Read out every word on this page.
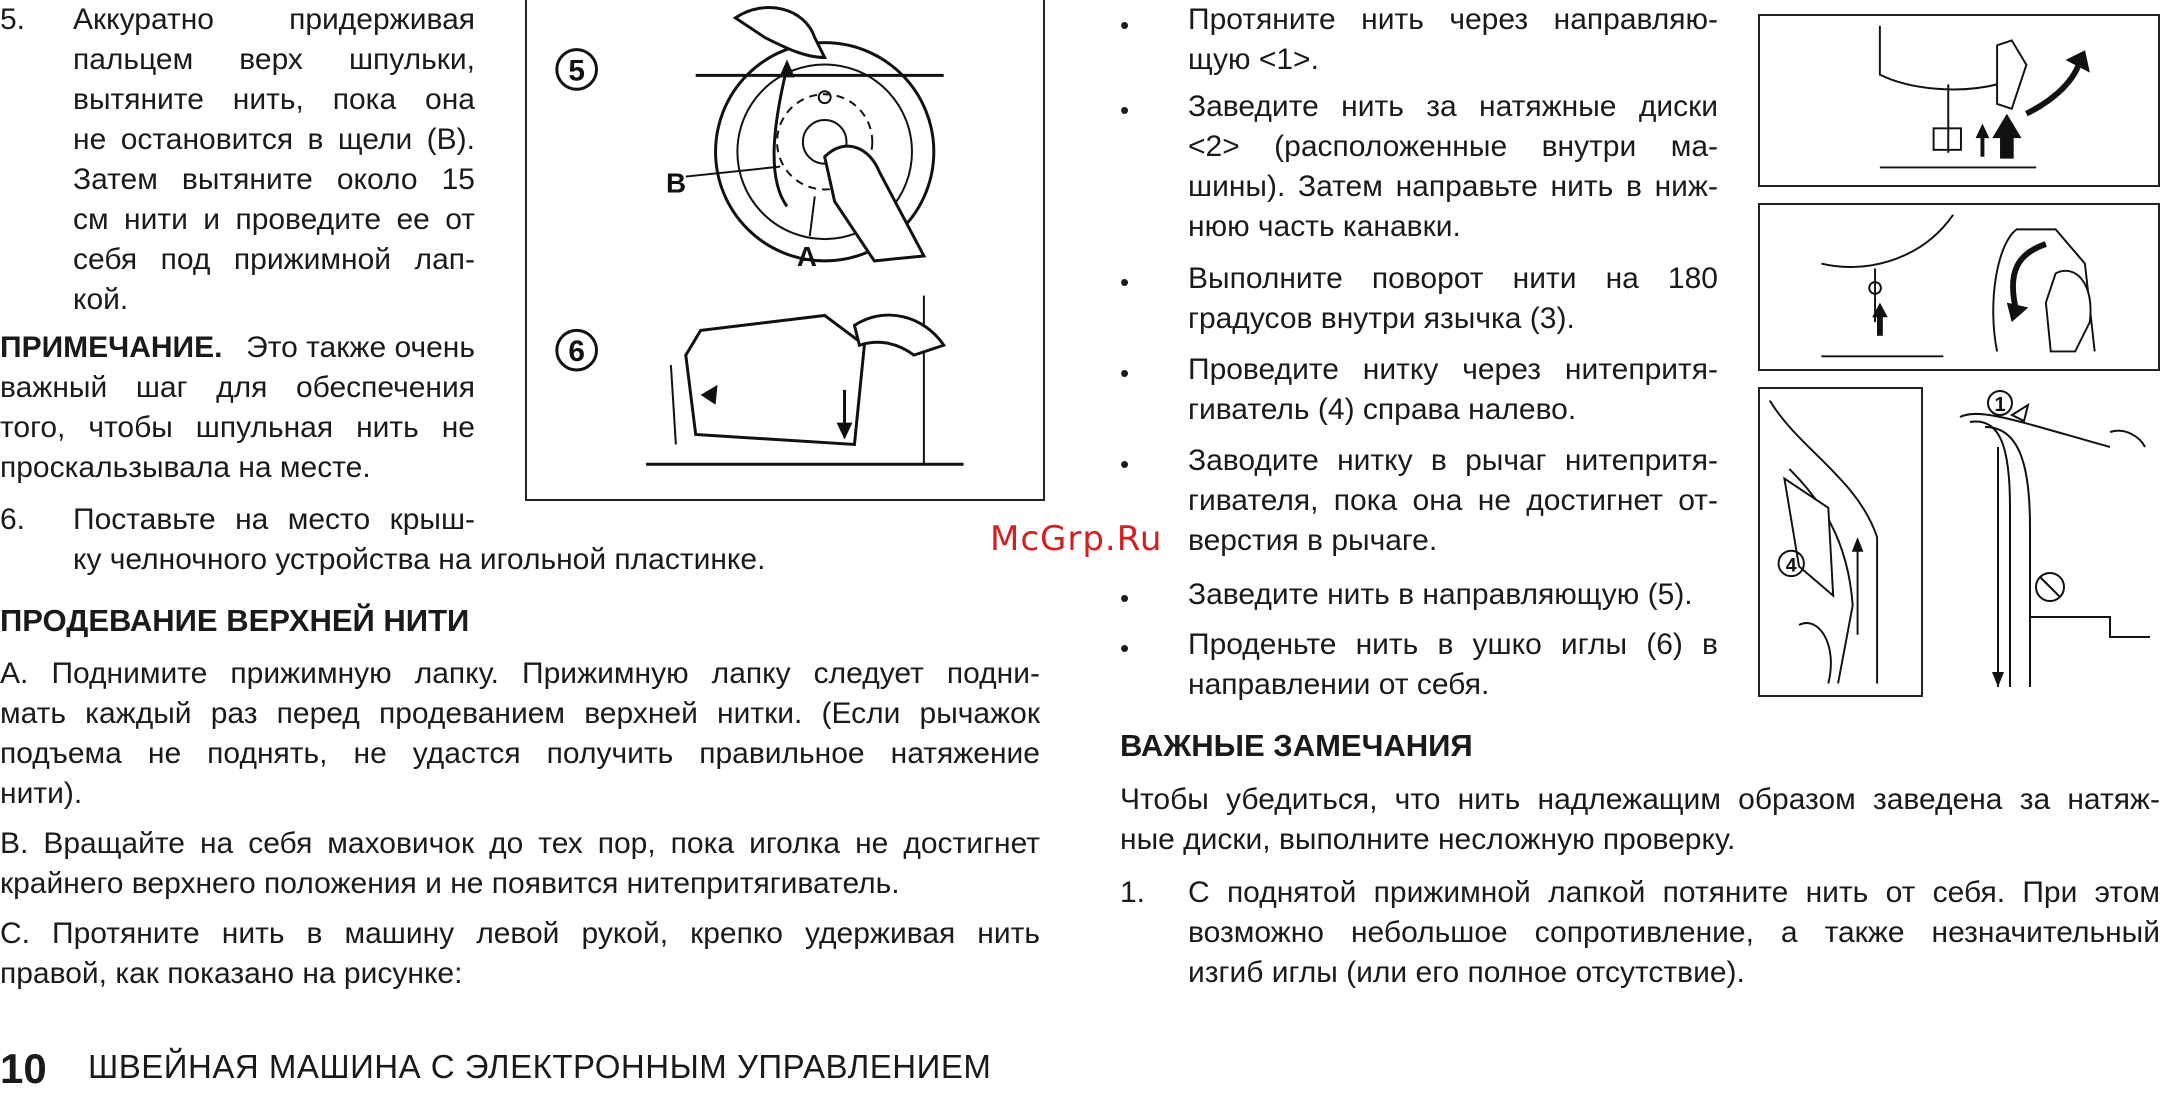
5. Аккуратно придерживая
пальцем верх шпульки,
вытяните нить, пока она
не остановится в щели (B).
Затем вытяните около 15
см нити и проведите ее от
себя под прижимной лап-
кой.
ПРИМЕЧАНИЕ. Это также очень
важный шаг для обеспечения
того, чтобы шпульная нить не
проскальзывала на месте.
6. Поставьте на место крыш-
ку челночного устройства на игольной пластинке.
ПРОДЕВАНИЕ ВЕРХНЕЙ НИТИ
A. Поднимите прижимную лапку. Прижимную лапку следует подни-
мать каждый раз перед продеванием верхней нитки. (Если рычажок
подъема не поднять, не удастся получить правильное натяжение
нити).
B. Вращайте на себя маховичок до тех пор, пока иголка не достигнет
крайнего верхнего положения и не появится нитепритягиватель.
C. Протяните нить в машину левой рукой, крепко удерживая нить
правой, как показано на рисунке:
5
B
A
6
• Протяните нить через направляю-
щую <1>.
• Заведите нить за натяжные диски
<2> (расположенные внутри ма-
шины). Затем направьте нить в ниж-
нюю часть канавки.
• Выполните поворот нити на 180
градусов внутри язычка (3).
• Проведите нитку через нитепритя-
гиватель (4) справа налево.
• Заводите нитку в рычаг нитепритя-
гивателя, пока она не достигнет от-
верстия в рычаге.
• Заведите нить в направляющую (5).
• Проденьте нить в ушко иглы (6) в
направлении от себя.
McGrp.Ru
4
1
ВАЖНЫЕ ЗАМЕЧАНИЯ
Чтобы убедиться, что нить надлежащим образом заведена за натяж-
ные диски, выполните несложную проверку.
1. С поднятой прижимной лапкой потяните нить от себя. При этом
возможно небольшое сопротивление, а также незначительный
изгиб иглы (или его полное отсутствие).
10 ШВЕЙНАЯ МАШИНА С ЭЛЕКТРОННЫМ УПРАВЛЕНИЕМ
